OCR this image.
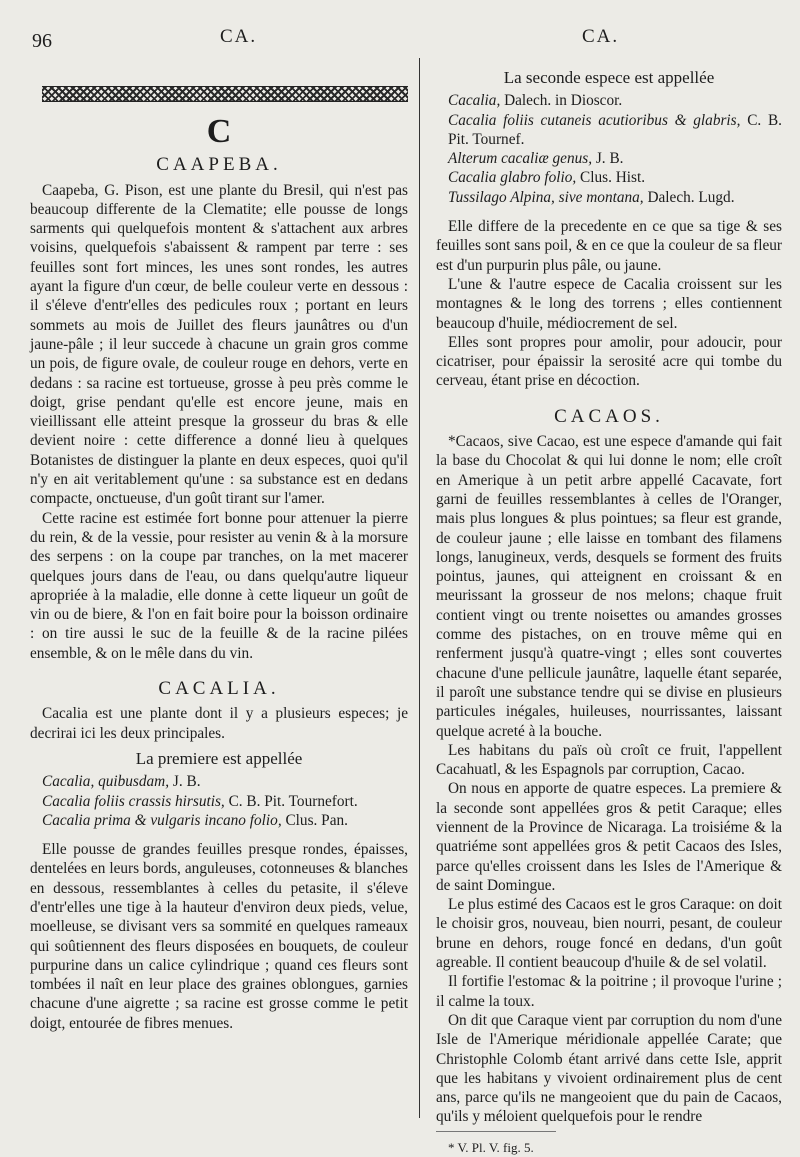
96	CA.	CA.
C
CAAPEBA.

Caapeba, G. Pison, est une plante du Bresil, qui n'est pas beaucoup differente de la Clematite; elle pousse de longs sarments qui quelquefois montent & s'attachent aux arbres voisins, quelquefois s'abaissent & rampent par terre : ses feuilles sont fort minces, les unes sont rondes, les autres ayant la figure d'un cœur, de belle couleur verte en dessous : il s'éleve d'entr'elles des pedicules roux ; portant en leurs sommets au mois de Juillet des fleurs jaunâtres ou d'un jaune-pâle ; il leur succede à chacune un grain gros comme un pois, de figure ovale, de couleur rouge en dehors, verte en dedans : sa racine est tortueuse, grosse à peu près comme le doigt, grise pendant qu'elle est encore jeune, mais en vieillissant elle atteint presque la grosseur du bras & elle devient noire : cette difference a donné lieu à quelques Botanistes de distinguer la plante en deux especes, quoi qu'il n'y en ait veritablement qu'une : sa substance est en dedans compacte, onctueuse, d'un goût tirant sur l'amer.

Cette racine est estimée fort bonne pour attenuer la pierre du rein, & de la vessie, pour resister au venin & à la morsure des serpens : on la coupe par tranches, on la met macerer quelques jours dans de l'eau, ou dans quelqu'autre liqueur apropriée à la maladie, elle donne à cette liqueur un goût de vin ou de biere, & l'on en fait boire pour la boisson ordinaire : on tire aussi le suc de la feuille & de la racine pilées ensemble, & on le mêle dans du vin.

CACALIA.

Cacalia est une plante dont il y a plusieurs especes; je decrirai ici les deux principales.

La premiere est appellée
Cacalia, quibusdam, J. B.
Cacalia foliis crassis hirsutis, C. B. Pit. Tournefort.
Cacalia prima & vulgaris incano folio, Clus. Pan.

Elle pousse de grandes feuilles presque rondes, épaisses, dentelées en leurs bords, anguleuses, cotonneuses & blanches en dessous, ressemblantes à celles du petasite, il s'éleve d'entr'elles une tige à la hauteur d'environ deux pieds, velue, moelleuse, se divisant vers sa sommité en quelques rameaux qui soûtiennent des fleurs disposées en bouquets, de couleur purpurine dans un calice cylindrique ; quand ces fleurs sont tombées il naît en leur place des graines oblongues, garnies chacune d'une aigrette ; sa racine est grosse comme le petit doigt, entourée de fibres menues.

La seconde espece est appellée
Cacalia, Dalech. in Dioscor.
Cacalia foliis cutaneis acutioribus & glabris, C. B. Pit. Tournef.
Alterum cacaliæ genus, J. B.
Cacalia glabro folio, Clus. Hist.
Tussilago Alpina, sive montana, Dalech. Lugd.

Elle differe de la precedente en ce que sa tige & ses feuilles sont sans poil, & en ce que la couleur de sa fleur est d'un purpurin plus pâle, ou jaune.

L'une & l'autre espece de Cacalia croissent sur les montagnes & le long des torrens ; elles contiennent beaucoup d'huile, médiocrement de sel.

Elles sont propres pour amolir, pour adoucir, pour cicatriser, pour épaissir la serosité acre qui tombe du cerveau, étant prise en décoction.

CACAOS.

*Cacaos, sive Cacao, est une espece d'amande qui fait la base du Chocolat & qui lui donne le nom; elle croît en Amerique à un petit arbre appellé Cacavate, fort garni de feuilles ressemblantes à celles de l'Oranger, mais plus longues & plus pointues; sa fleur est grande, de couleur jaune ; elle laisse en tombant des filamens longs, lanugineux, verds, desquels se forment des fruits pointus, jaunes, qui atteignent en croissant & en meurissant la grosseur de nos melons; chaque fruit contient vingt ou trente noisettes ou amandes grosses comme des pistaches, on en trouve même qui en renferment jusqu'à quatre-vingt ; elles sont couvertes chacune d'une pellicule jaunâtre, laquelle étant separée, il paroît une substance tendre qui se divise en plusieurs particules inégales, huileuses, nourrissantes, laissant quelque acreté à la bouche.

Les habitans du païs où croît ce fruit, l'appellent Cacahuatl, & les Espagnols par corruption, Cacao.

On nous en apporte de quatre especes. La premiere & la seconde sont appellées gros & petit Caraque; elles viennent de la Province de Nicaraga. La troisiéme & la quatriéme sont appellées gros & petit Cacaos des Isles, parce qu'elles croissent dans les Isles de l'Amerique & de saint Domingue.

Le plus estimé des Cacaos est le gros Caraque: on doit le choisir gros, nouveau, bien nourri, pesant, de couleur brune en dehors, rouge foncé en dedans, d'un goût agreable. Il contient beaucoup d'huile & de sel volatil.

Il fortifie l'estomac & la poitrine ; il provoque l'urine ; il calme la toux.

On dit que Caraque vient par corruption du nom d'une Isle de l'Amerique méridionale appellée Carate; que Christophle Colomb étant arrivé dans cette Isle, apprit que les habitans y vivoient ordinairement plus de cent ans, parce qu'ils ne mangeoient que du pain de Cacaos, qu'ils y méloient quelquefois pour le rendre

* V. Pl. V. fig. 5.
